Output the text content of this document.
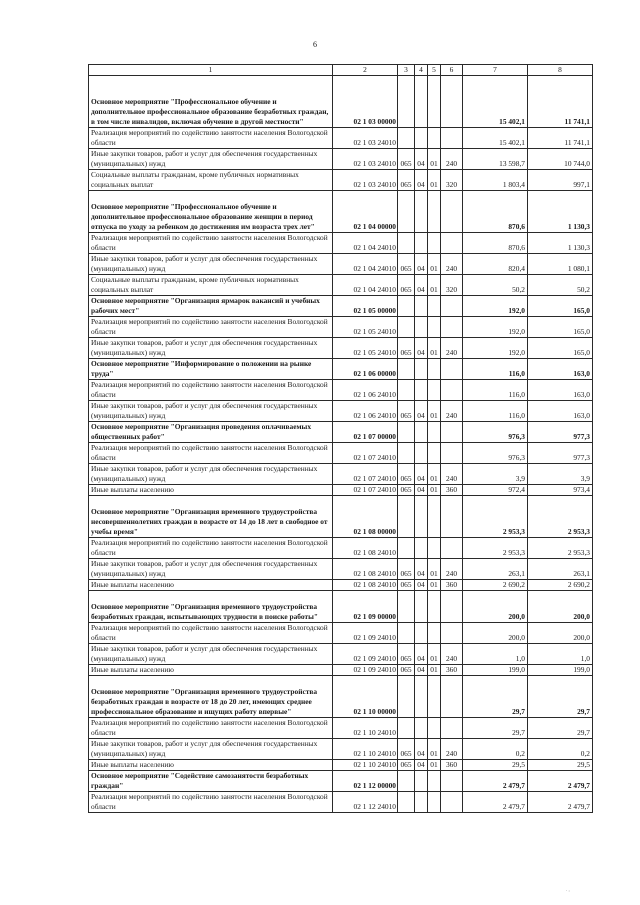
6
1	2	3	4	5	6	7	8
Основное мероприятие "Профессиональное обучение и дополнительное профессиональное образование безработных граждан, в том числе инвалидов, включая обучение в другой местности"	02 1 03 00000					15 402,1	11 741,1
Реализация мероприятий по содействию занятости населения Вологодской области	02 1 03 24010					15 402,1	11 741,1
Иные закупки товаров, работ и услуг для обеспечения государственных (муниципальных) нужд	02 1 03 24010	065	04	01	240	13 598,7	10 744,0
Социальные выплаты гражданам, кроме публичных нормативных социальных выплат	02 1 03 24010	065	04	01	320	1 803,4	997,1
Основное мероприятие "Профессиональное обучение и дополнительное профессиональное образование женщин в период отпуска по уходу за ребенком до достижения им возраста трех лет"	02 1 04 00000					870,6	1 130,3
Реализация мероприятий по содействию занятости населения Вологодской области	02 1 04 24010					870,6	1 130,3
Иные закупки товаров, работ и услуг для обеспечения государственных (муниципальных) нужд	02 1 04 24010	065	04	01	240	820,4	1 080,1
Социальные выплаты гражданам, кроме публичных нормативных социальных выплат	02 1 04 24010	065	04	01	320	50,2	50,2
Основное мероприятие "Организация ярмарок вакансий и учебных рабочих мест"	02 1 05 00000					192,0	165,0
Реализация мероприятий по содействию занятости населения Вологодской области	02 1 05 24010					192,0	165,0
Иные закупки товаров, работ и услуг для обеспечения государственных (муниципальных) нужд	02 1 05 24010	065	04	01	240	192,0	165,0
Основное мероприятие "Информирование о положении на рынке труда"	02 1 06 00000					116,0	163,0
Реализация мероприятий по содействию занятости населения Вологодской области	02 1 06 24010					116,0	163,0
Иные закупки товаров, работ и услуг для обеспечения государственных (муниципальных) нужд	02 1 06 24010	065	04	01	240	116,0	163,0
Основное мероприятие "Организация проведения оплачиваемых общественных работ"	02 1 07 00000					976,3	977,3
Реализация мероприятий по содействию занятости населения Вологодской области	02 1 07 24010					976,3	977,3
Иные закупки товаров, работ и услуг для обеспечения государственных (муниципальных) нужд	02 1 07 24010	065	04	01	240	3,9	3,9
Иные выплаты населению	02 1 07 24010	065	04	01	360	972,4	973,4
Основное мероприятие "Организация временного трудоустройства несовершеннолетних граждан в возрасте от 14 до 18 лет в свободное от учебы время"	02 1 08 00000					2 953,3	2 953,3
Реализация мероприятий по содействию занятости населения Вологодской области	02 1 08 24010					2 953,3	2 953,3
Иные закупки товаров, работ и услуг для обеспечения государственных (муниципальных) нужд	02 1 08 24010	065	04	01	240	263,1	263,1
Иные выплаты населению	02 1 08 24010	065	04	01	360	2 690,2	2 690,2
Основное мероприятие "Организация временного трудоустройства безработных граждан, испытывающих трудности в поиске работы"	02 1 09 00000					200,0	200,0
Реализация мероприятий по содействию занятости населения Вологодской области	02 1 09 24010					200,0	200,0
Иные закупки товаров, работ и услуг для обеспечения государственных (муниципальных) нужд	02 1 09 24010	065	04	01	240	1,0	1,0
Иные выплаты населению	02 1 09 24010	065	04	01	360	199,0	199,0
Основное мероприятие "Организация временного трудоустройства безработных граждан в возрасте от 18 до 20 лет, имеющих среднее профессиональное образование и ищущих работу впервые"	02 1 10 00000					29,7	29,7
Реализация мероприятий по содействию занятости населения Вологодской области	02 1 10 24010					29,7	29,7
Иные закупки товаров, работ и услуг для обеспечения государственных (муниципальных) нужд	02 1 10 24010	065	04	01	240	0,2	0,2
Иные выплаты населению	02 1 10 24010	065	04	01	360	29,5	29,5
Основное мероприятие "Содействие самозанятости безработных граждан"	02 1 12 00000					2 479,7	2 479,7
Реализация мероприятий по содействию занятости населения Вологодской области	02 1 12 24010					2 479,7	2 479,7
. ,
